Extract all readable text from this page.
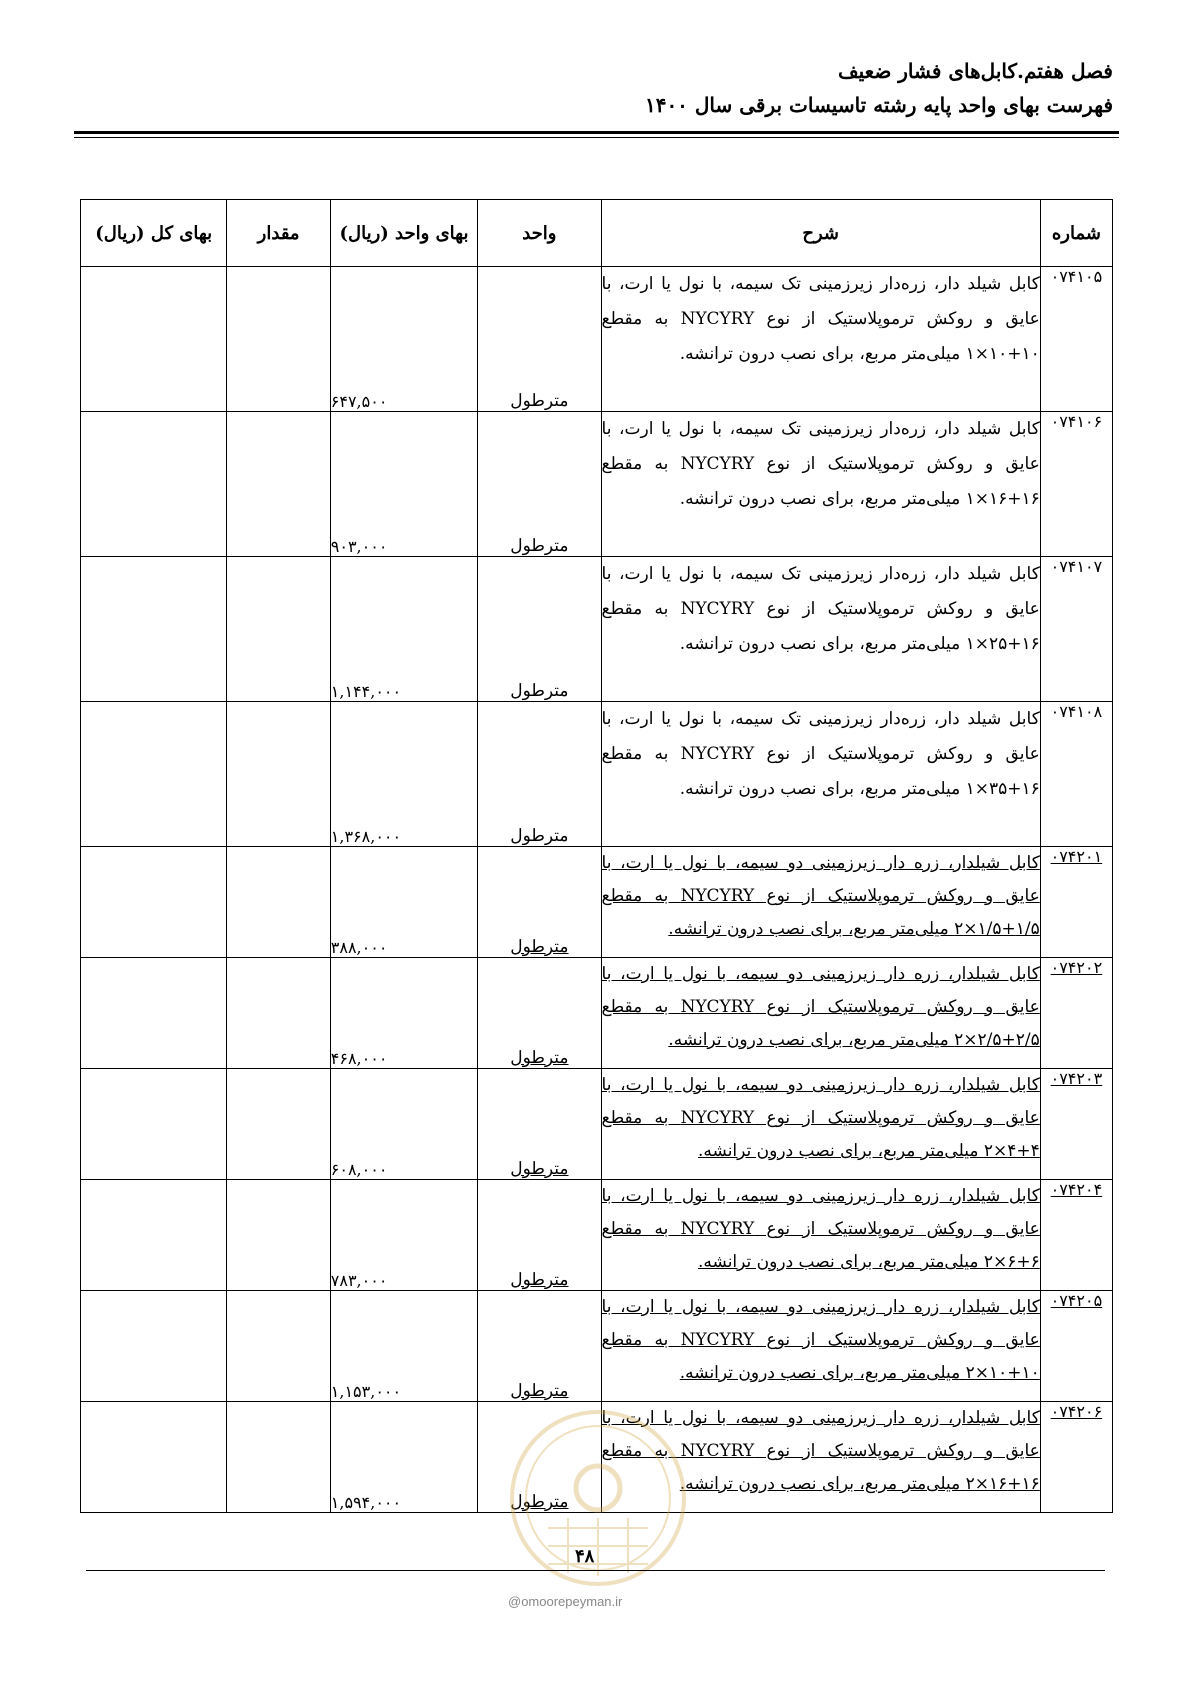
فصل هفتم.کابل‌های فشار ضعیف
فهرست بهای واحد پایه رشته تاسیسات برقی سال ۱۴۰۰
شماره	شرح	واحد	بهای واحد (ریال)	مقدار	بهای کل (ریال)
۰۷۴۱۰۵	کابل شیلد دار، زره‌دار زیرزمینی تک سیمه، با نول یا ارت، با عایق و روکش ترموپلاستیک از نوع NYCYRY به مقطع ۱۰+۱۰×۱ میلی‌متر مربع، برای نصب درون ترانشه.	مترطول	۶۴۷,۵۰۰		
۰۷۴۱۰۶	کابل شیلد دار، زره‌دار زیرزمینی تک سیمه، با نول یا ارت، با عایق و روکش ترموپلاستیک از نوع NYCYRY به مقطع ۱۶+۱۶×۱ میلی‌متر مربع، برای نصب درون ترانشه.	مترطول	۹۰۳,۰۰۰		
۰۷۴۱۰۷	کابل شیلد دار، زره‌دار زیرزمینی تک سیمه، با نول یا ارت، با عایق و روکش ترموپلاستیک از نوع NYCYRY به مقطع ۱۶+۲۵×۱ میلی‌متر مربع، برای نصب درون ترانشه.	مترطول	۱,۱۴۴,۰۰۰		
۰۷۴۱۰۸	کابل شیلد دار، زره‌دار زیرزمینی تک سیمه، با نول یا ارت، با عایق و روکش ترموپلاستیک از نوع NYCYRY به مقطع ۱۶+۳۵×۱ میلی‌متر مربع، برای نصب درون ترانشه.	مترطول	۱,۳۶۸,۰۰۰		
۰۷۴۲۰۱	کابل شیلدار، زره دار زیرزمینی دو سیمه، با نول یا ارت، با عایق و روکش ترموپلاستیک از نوع NYCYRY به مقطع ۱/۵+۱/۵×۲ میلی‌متر مربع، برای نصب درون ترانشه.	مترطول	۳۸۸,۰۰۰		
۰۷۴۲۰۲	کابل شیلدار، زره دار زیرزمینی دو سیمه، با نول یا ارت، با عایق و روکش ترموپلاستیک از نوع NYCYRY به مقطع ۲/۵+۲/۵×۲ میلی‌متر مربع، برای نصب درون ترانشه.	مترطول	۴۶۸,۰۰۰		
۰۷۴۲۰۳	کابل شیلدار، زره دار زیرزمینی دو سیمه، با نول یا ارت، با عایق و روکش ترموپلاستیک از نوع NYCYRY به مقطع ۴+۴×۲ میلی‌متر مربع، برای نصب درون ترانشه.	مترطول	۶۰۸,۰۰۰		
۰۷۴۲۰۴	کابل شیلدار، زره دار زیرزمینی دو سیمه، با نول یا ارت، با عایق و روکش ترموپلاستیک از نوع NYCYRY به مقطع ۶+۶×۲ میلی‌متر مربع، برای نصب درون ترانشه.	مترطول	۷۸۳,۰۰۰		
۰۷۴۲۰۵	کابل شیلدار، زره دار زیرزمینی دو سیمه، با نول یا ارت، با عایق و روکش ترموپلاستیک از نوع NYCYRY به مقطع ۱۰+۱۰×۲ میلی‌متر مربع، برای نصب درون ترانشه.	مترطول	۱,۱۵۳,۰۰۰		
۰۷۴۲۰۶	کابل شیلدار، زره دار زیرزمینی دو سیمه، با نول یا ارت، با عایق و روکش ترموپلاستیک از نوع NYCYRY به مقطع ۱۶+۱۶×۲ میلی‌متر مربع، برای نصب درون ترانشه.	مترطول	۱,۵۹۴,۰۰۰		
۴۸
@omoorepeyman.ir
